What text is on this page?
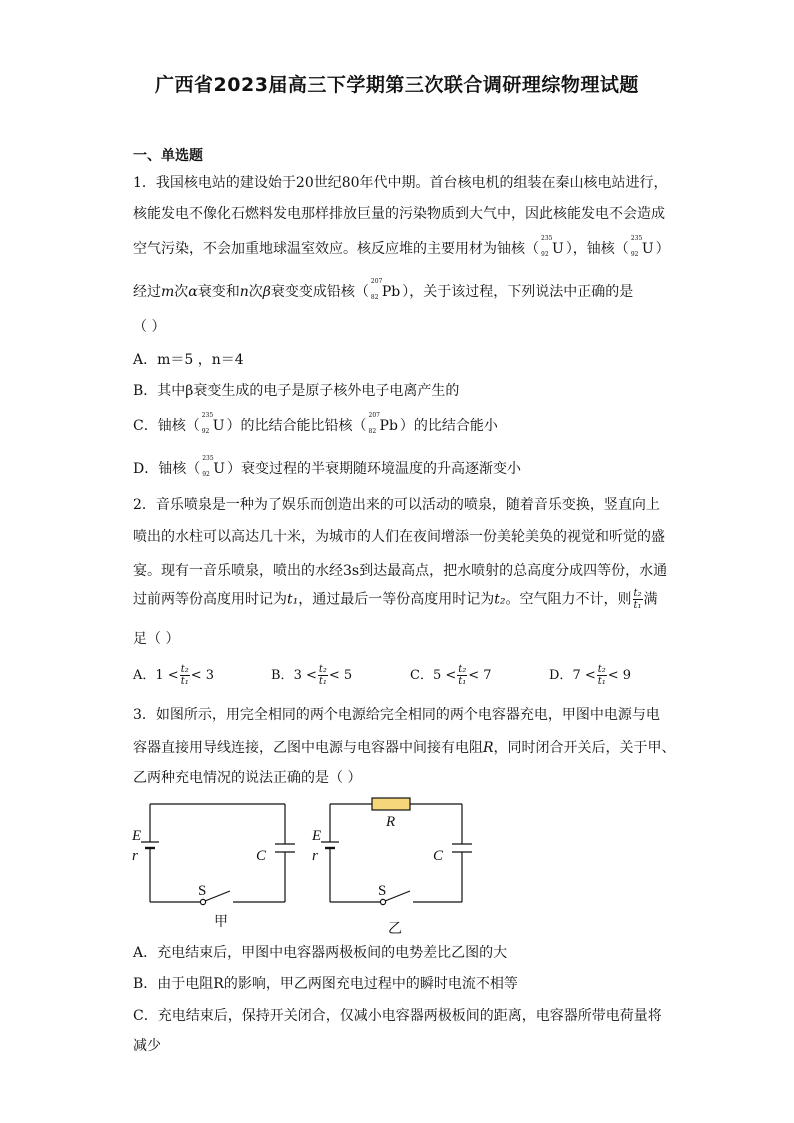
广西省2023届高三下学期第三次联合调研理综物理试题
一、单选题
1．我国核电站的建设始于20世纪80年代中期。首台核电机的组装在秦山核电站进行，
核能发电不像化石燃料发电那样排放巨量的污染物质到大气中，因此核能发电不会造成
空气污染，不会加重地球温室效应。核反应堆的主要用材为铀核（
235
92 U ），铀核（
235
92 U ）
经过m次α衰变和n次β衰变变成铅核（
207
82 Pb ），关于该过程，下列说法中正确的是
（ ）
A．m＝5 ，n＝4
B．其中β衰变生成的电子是原子核外电子电离产生的
C．铀核（
235
92 U ）的比结合能比铅核（
207
82 Pb ）的比结合能小
D．铀核（
235
92 U ）衰变过程的半衰期随环境温度的升高逐渐变小
2．音乐喷泉是一种为了娱乐而创造出来的可以活动的喷泉，随着音乐变换，竖直向上
喷出的水柱可以高达几十米，为城市的人们在夜间增添一份美轮美奂的视觉和听觉的盛
宴。现有一音乐喷泉，喷出的水经3s到达最高点，把水喷射的总高度分成四等份，水通
过前两等份高度用时记为t₁，通过最后一等份高度用时记为t₂。空气阻力不计，则 $\frac{\text{t₂}}{\text{t₁}}$ 满
足（ ）
A．$1 < \frac{\text{t₂}}{\text{t₁}} < 3$	B．$3 < \frac{\text{t₂}}{\text{t₁}} < 5$	C．$5 < \frac{\text{t₂}}{\text{t₁}} < 7$	D．$7 < \frac{\text{t₂}}{\text{t₁}} < 9$
3．如图所示，用完全相同的两个电源给完全相同的两个电容器充电，甲图中电源与电
容器直接用导线连接，乙图中电源与电容器中间接有电阻R，同时闭合开关后，关于甲、
乙两种充电情况的说法正确的是（ ）
E
r	C
E
r	C
R
S	S
甲	乙
A．充电结束后，甲图中电容器两极板间的电势差比乙图的大
B．由于电阻R的影响，甲乙两图充电过程中的瞬时电流不相等
C．充电结束后，保持开关闭合，仅减小电容器两极板间的距离，电容器所带电荷量将
减少
